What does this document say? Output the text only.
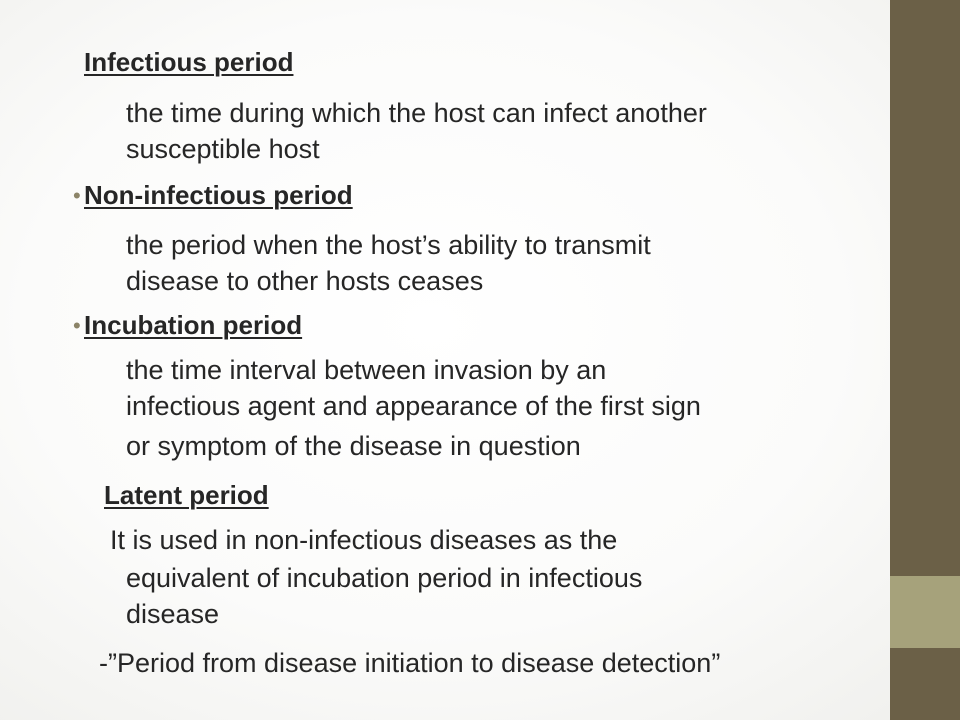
Infectious period
the time during which the host can infect another
susceptible host
• Non-infectious period
the period when the host’s ability to transmit
disease to other hosts ceases
• Incubation period
the time interval between invasion by an
infectious agent and appearance of the first sign
or symptom of the disease in question
Latent period
It is used in non-infectious diseases as the
equivalent of incubation period in infectious
disease
-”Period from disease initiation to disease detection”
